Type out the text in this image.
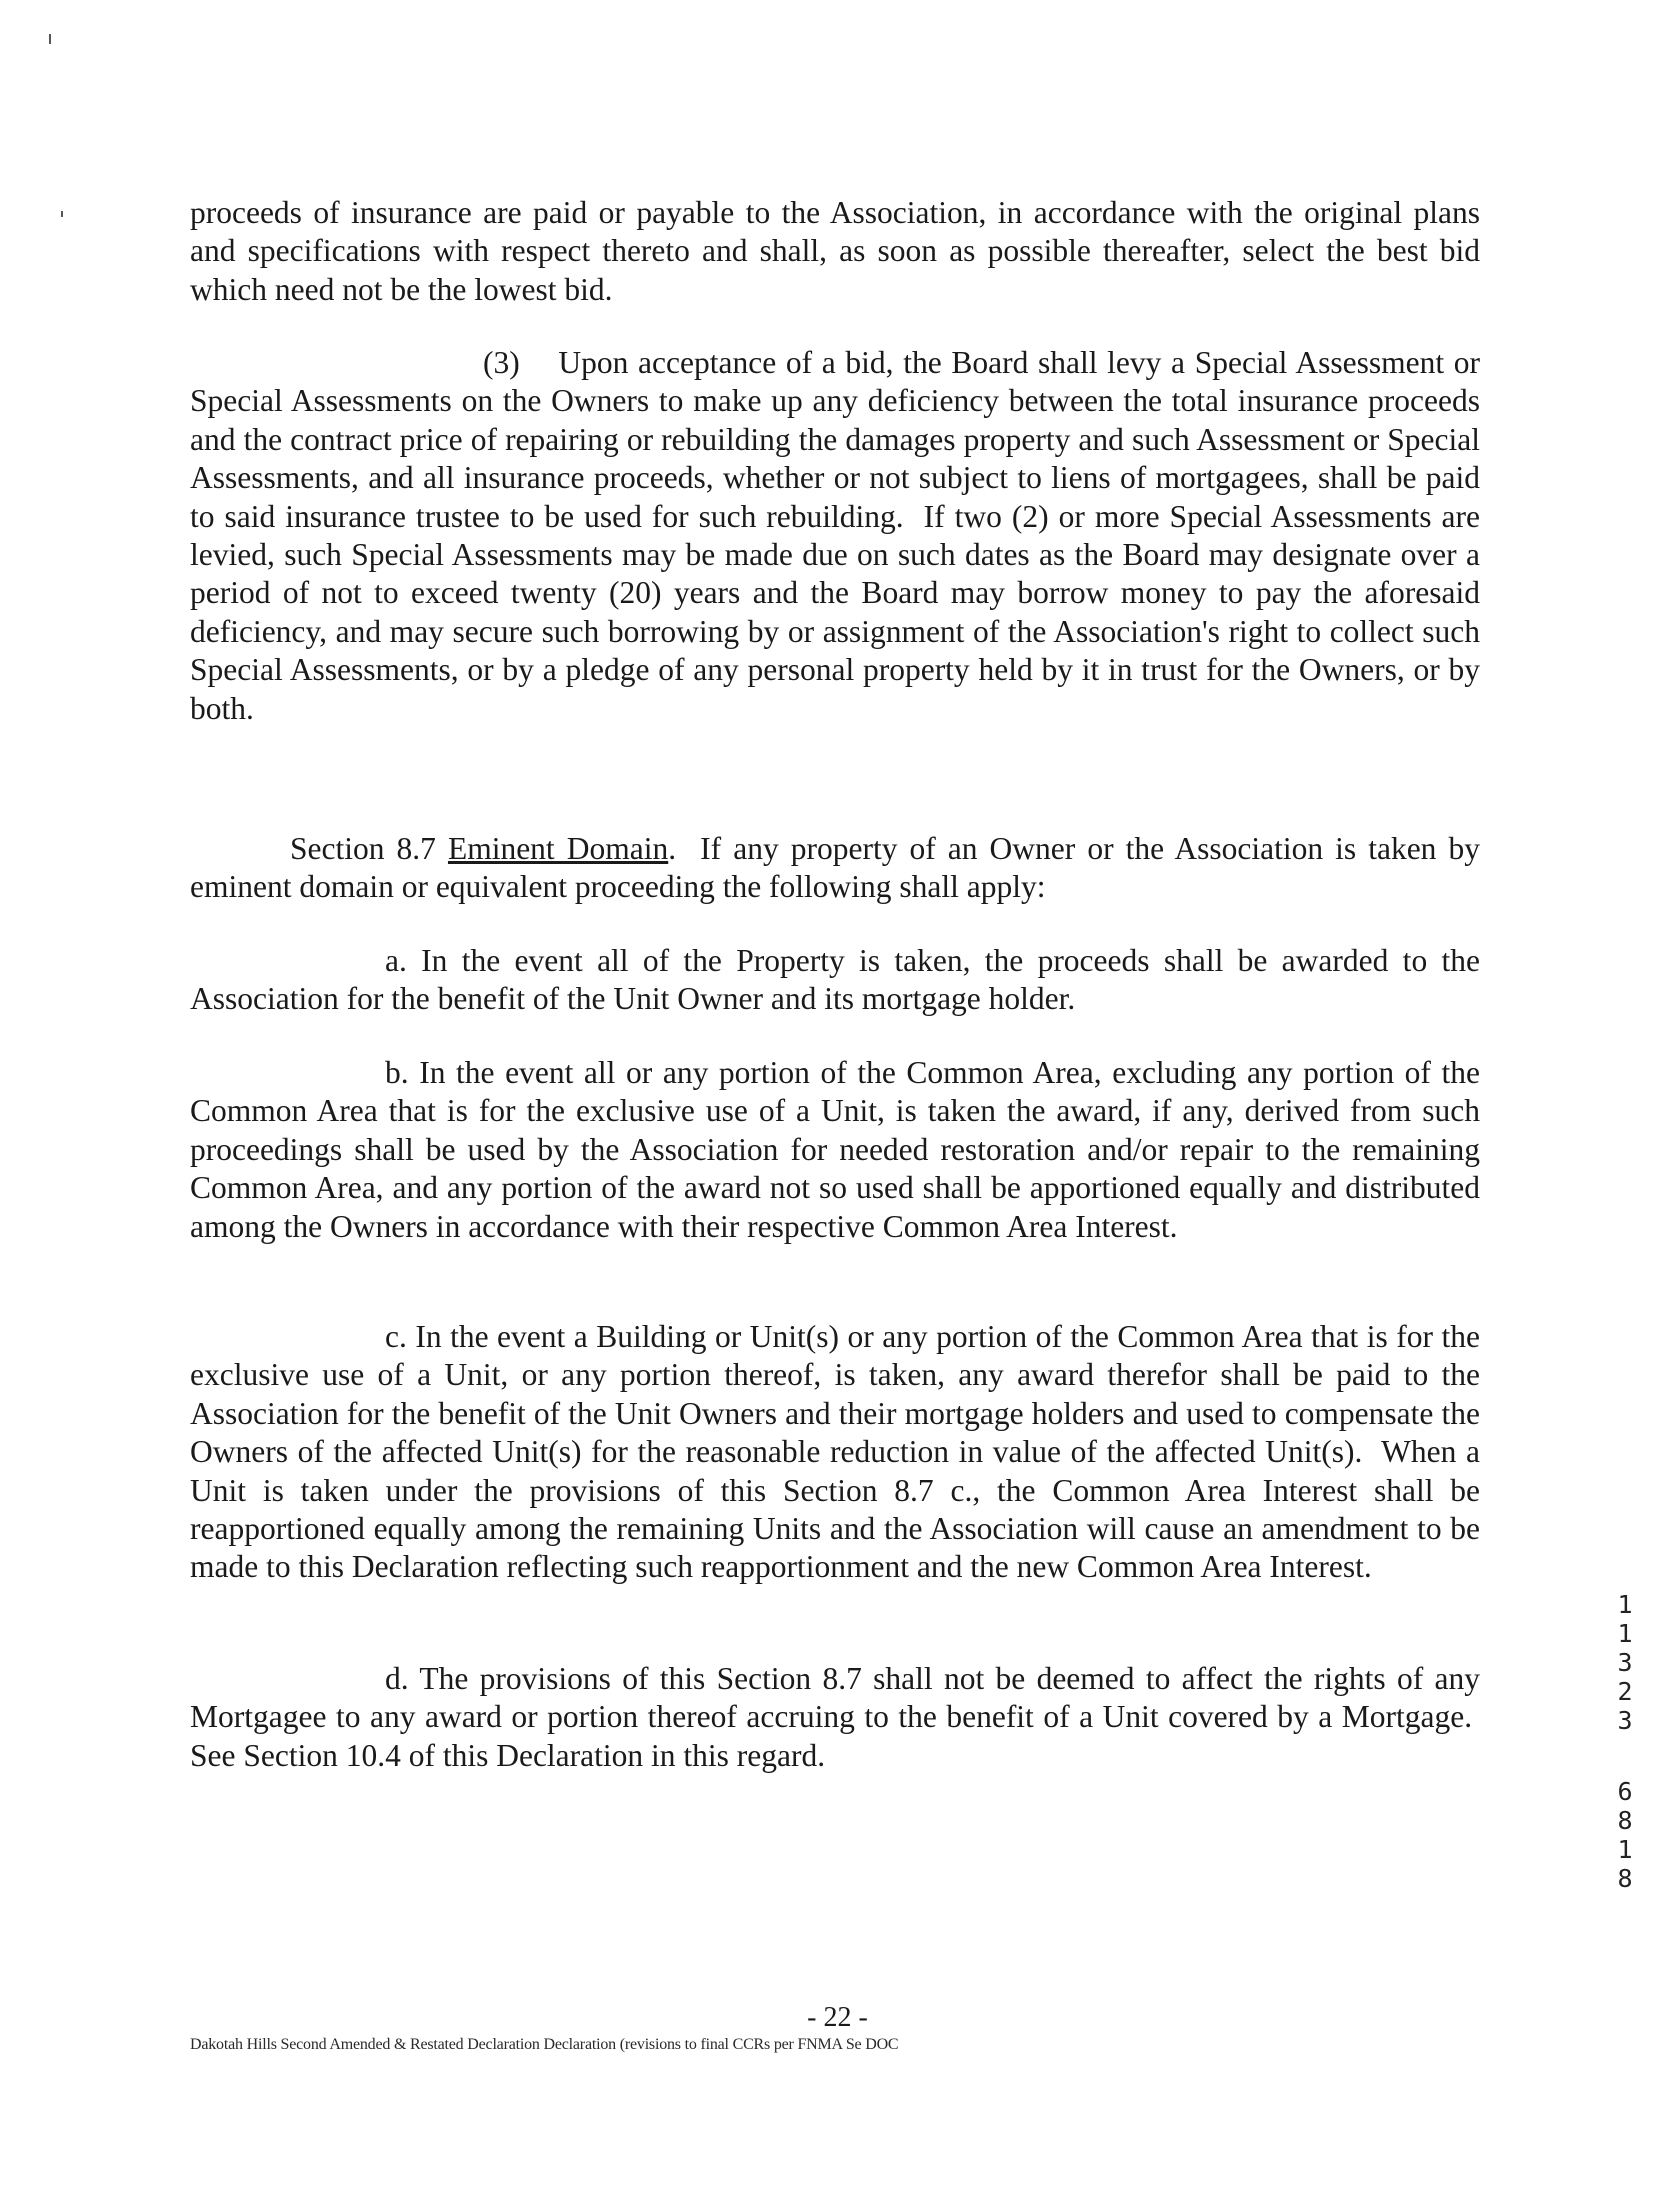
proceeds of insurance are paid or payable to the Association, in accordance with the original plans and specifications with respect thereto and shall, as soon as possible thereafter, select the best bid which need not be the lowest bid.

(3)    Upon acceptance of a bid, the Board shall levy a Special Assessment or Special Assessments on the Owners to make up any deficiency between the total insurance proceeds and the contract price of repairing or rebuilding the damages property and such Assessment or Special Assessments, and all insurance proceeds, whether or not subject to liens of mortgagees, shall be paid to said insurance trustee to be used for such rebuilding.  If two (2) or more Special Assessments are levied, such Special Assessments may be made due on such dates as the Board may designate over a period of not to exceed twenty (20) years and the Board may borrow money to pay the aforesaid deficiency, and may secure such borrowing by or assignment of the Association's right to collect such Special Assessments, or by a pledge of any personal property held by it in trust for the Owners, or by both.

Section 8.7 Eminent Domain.  If any property of an Owner or the Association is taken by eminent domain or equivalent proceeding the following shall apply:

a. In the event all of the Property is taken, the proceeds shall be awarded to the Association for the benefit of the Unit Owner and its mortgage holder.

b. In the event all or any portion of the Common Area, excluding any portion of the Common Area that is for the exclusive use of a Unit, is taken the award, if any, derived from such proceedings shall be used by the Association for needed restoration and/or repair to the remaining Common Area, and any portion of the award not so used shall be apportioned equally and distributed among the Owners in accordance with their respective Common Area Interest.

c. In the event a Building or Unit(s) or any portion of the Common Area that is for the exclusive use of a Unit, or any portion thereof, is taken, any award therefor shall be paid to the Association for the benefit of the Unit Owners and their mortgage holders and used to compensate the Owners of the affected Unit(s) for the reasonable reduction in value of the affected Unit(s).  When a Unit is taken under the provisions of this Section 8.7 c., the Common Area Interest shall be reapportioned equally among the remaining Units and the Association will cause an amendment to be made to this Declaration reflecting such reapportionment and the new Common Area Interest.

d. The provisions of this Section 8.7 shall not be deemed to affect the rights of any Mortgagee to any award or portion thereof accruing to the benefit of a Unit covered by a Mortgage.  See Section 10.4 of this Declaration in this regard.

1
1
3
2
3
6
8
1
8
- 22 -
Dakotah Hills Second Amended & Restated Declaration Declaration (revisions to final CCRs per FNMA Se DOC
